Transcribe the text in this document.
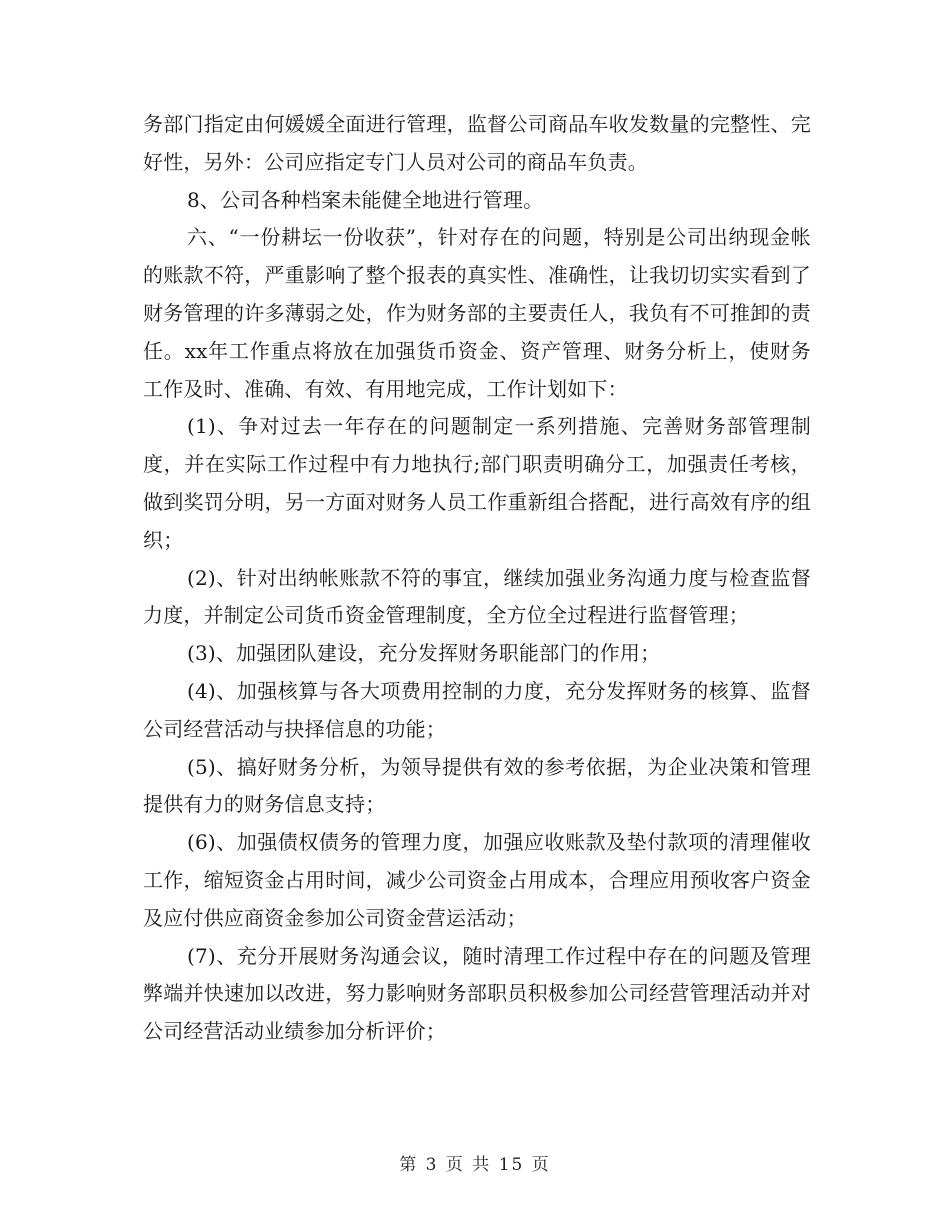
务部门指定由何媛媛全面进行管理，监督公司商品车收发数量的完整性、完好性，另外：公司应指定专门人员对公司的商品车负责。

8、公司各种档案未能健全地进行管理。

六、“一份耕坛一份收获”，针对存在的问题，特别是公司出纳现金帐的账款不符，严重影响了整个报表的真实性、准确性，让我切切实实看到了财务管理的许多薄弱之处，作为财务部的主要责任人，我负有不可推卸的责任。xx年工作重点将放在加强货币资金、资产管理、财务分析上，使财务工作及时、准确、有效、有用地完成，工作计划如下：

(1)、争对过去一年存在的问题制定一系列措施、完善财务部管理制度，并在实际工作过程中有力地执行;部门职责明确分工，加强责任考核，做到奖罚分明，另一方面对财务人员工作重新组合搭配，进行高效有序的组织；

(2)、针对出纳帐账款不符的事宜，继续加强业务沟通力度与检查监督力度，并制定公司货币资金管理制度，全方位全过程进行监督管理；

(3)、加强团队建设，充分发挥财务职能部门的作用；

(4)、加强核算与各大项费用控制的力度，充分发挥财务的核算、监督公司经营活动与抉择信息的功能；

(5)、搞好财务分析，为领导提供有效的参考依据，为企业决策和管理提供有力的财务信息支持；

(6)、加强债权债务的管理力度，加强应收账款及垫付款项的清理催收工作，缩短资金占用时间，减少公司资金占用成本，合理应用预收客户资金及应付供应商资金参加公司资金营运活动；

(7)、充分开展财务沟通会议，随时清理工作过程中存在的问题及管理弊端并快速加以改进，努力影响财务部职员积极参加公司经营管理活动并对公司经营活动业绩参加分析评价；

第 3 页 共 15 页
